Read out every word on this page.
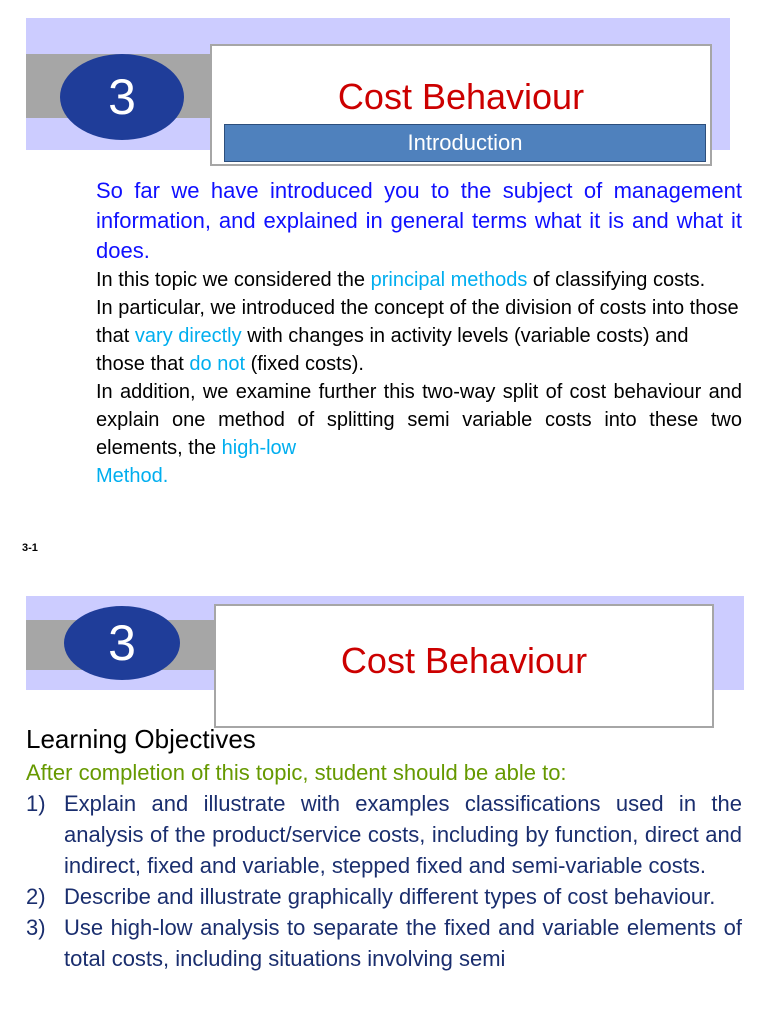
3	Cost Behaviour
Introduction

So far we have introduced you to the subject of management information, and explained in general terms what it is and what it does.

In this topic we considered the principal methods of classifying costs.

In particular, we introduced the concept of the division of costs into those that vary directly with changes in activity levels (variable costs) and those that do not (fixed costs).

In addition, we examine further this two-way split of cost behaviour and explain one method of splitting semi variable costs into these two elements, the high-low
Method.

3-1
3	Cost Behaviour
Learning Objectives
After completion of this topic, student should be able to:
1) Explain and illustrate with examples classifications used in the analysis of the product/service costs, including by function, direct and indirect, fixed and variable, stepped fixed and semi-variable costs.
2) Describe and illustrate graphically different types of cost behaviour.
3) Use high-low analysis to separate the fixed and variable elements of total costs, including situations involving semi
